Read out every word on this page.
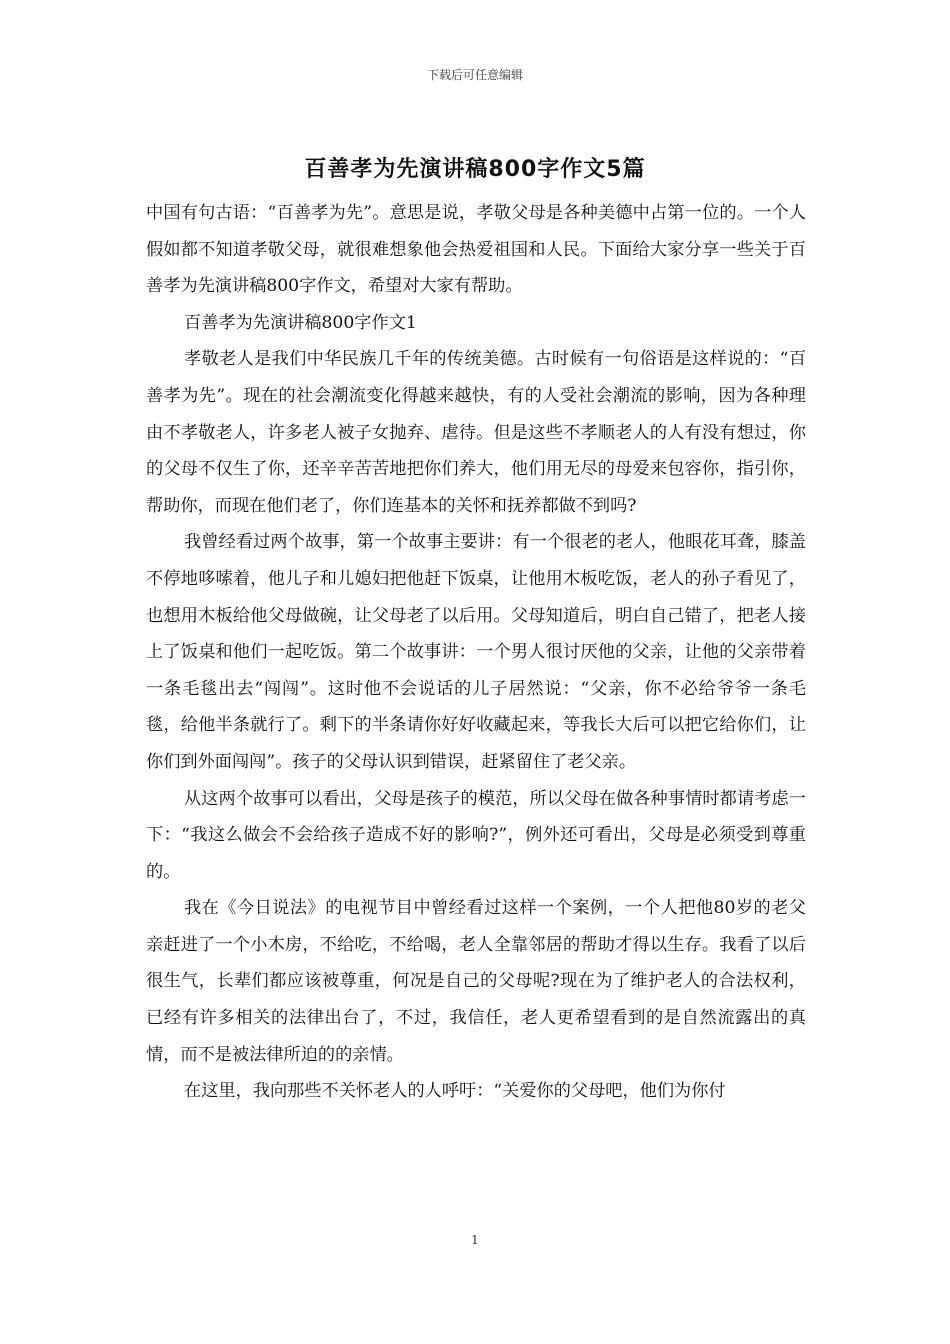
下载后可任意编辑
百善孝为先演讲稿800字作文5篇

中国有句古语：“百善孝为先”。意思是说，孝敬父母是各种美德中占第一位的。一个人假如都不知道孝敬父母，就很难想象他会热爱祖国和人民。下面给大家分享一些关于百善孝为先演讲稿800字作文，希望对大家有帮助。

百善孝为先演讲稿800字作文1

孝敬老人是我们中华民族几千年的传统美德。古时候有一句俗语是这样说的：“百善孝为先”。现在的社会潮流变化得越来越快，有的人受社会潮流的影响，因为各种理由不孝敬老人，许多老人被子女抛弃、虐待。但是这些不孝顺老人的人有没有想过，你的父母不仅生了你，还辛辛苦苦地把你们养大，他们用无尽的母爱来包容你，指引你，帮助你，而现在他们老了，你们连基本的关怀和抚养都做不到吗?

我曾经看过两个故事，第一个故事主要讲：有一个很老的老人，他眼花耳聋，膝盖不停地哆嗦着，他儿子和儿媳妇把他赶下饭桌，让他用木板吃饭，老人的孙子看见了，也想用木板给他父母做碗，让父母老了以后用。父母知道后，明白自己错了，把老人接上了饭桌和他们一起吃饭。第二个故事讲：一个男人很讨厌他的父亲，让他的父亲带着一条毛毯出去“闯闯”。这时他不会说话的儿子居然说：“父亲，你不必给爷爷一条毛毯，给他半条就行了。剩下的半条请你好好收藏起来，等我长大后可以把它给你们，让你们到外面闯闯”。孩子的父母认识到错误，赶紧留住了老父亲。

从这两个故事可以看出，父母是孩子的模范，所以父母在做各种事情时都请考虑一下：“我这么做会不会给孩子造成不好的影响?”，例外还可看出，父母是必须受到尊重的。

我在《今日说法》的电视节目中曾经看过这样一个案例，一个人把他80岁的老父亲赶进了一个小木房，不给吃，不给喝，老人全靠邻居的帮助才得以生存。我看了以后很生气，长辈们都应该被尊重，何况是自己的父母呢?现在为了维护老人的合法权利，已经有许多相关的法律出台了，不过，我信任，老人更希望看到的是自然流露出的真情，而不是被法律所迫的的亲情。

在这里，我向那些不关怀老人的人呼吁：“关爱你的父母吧，他们为你付

1
